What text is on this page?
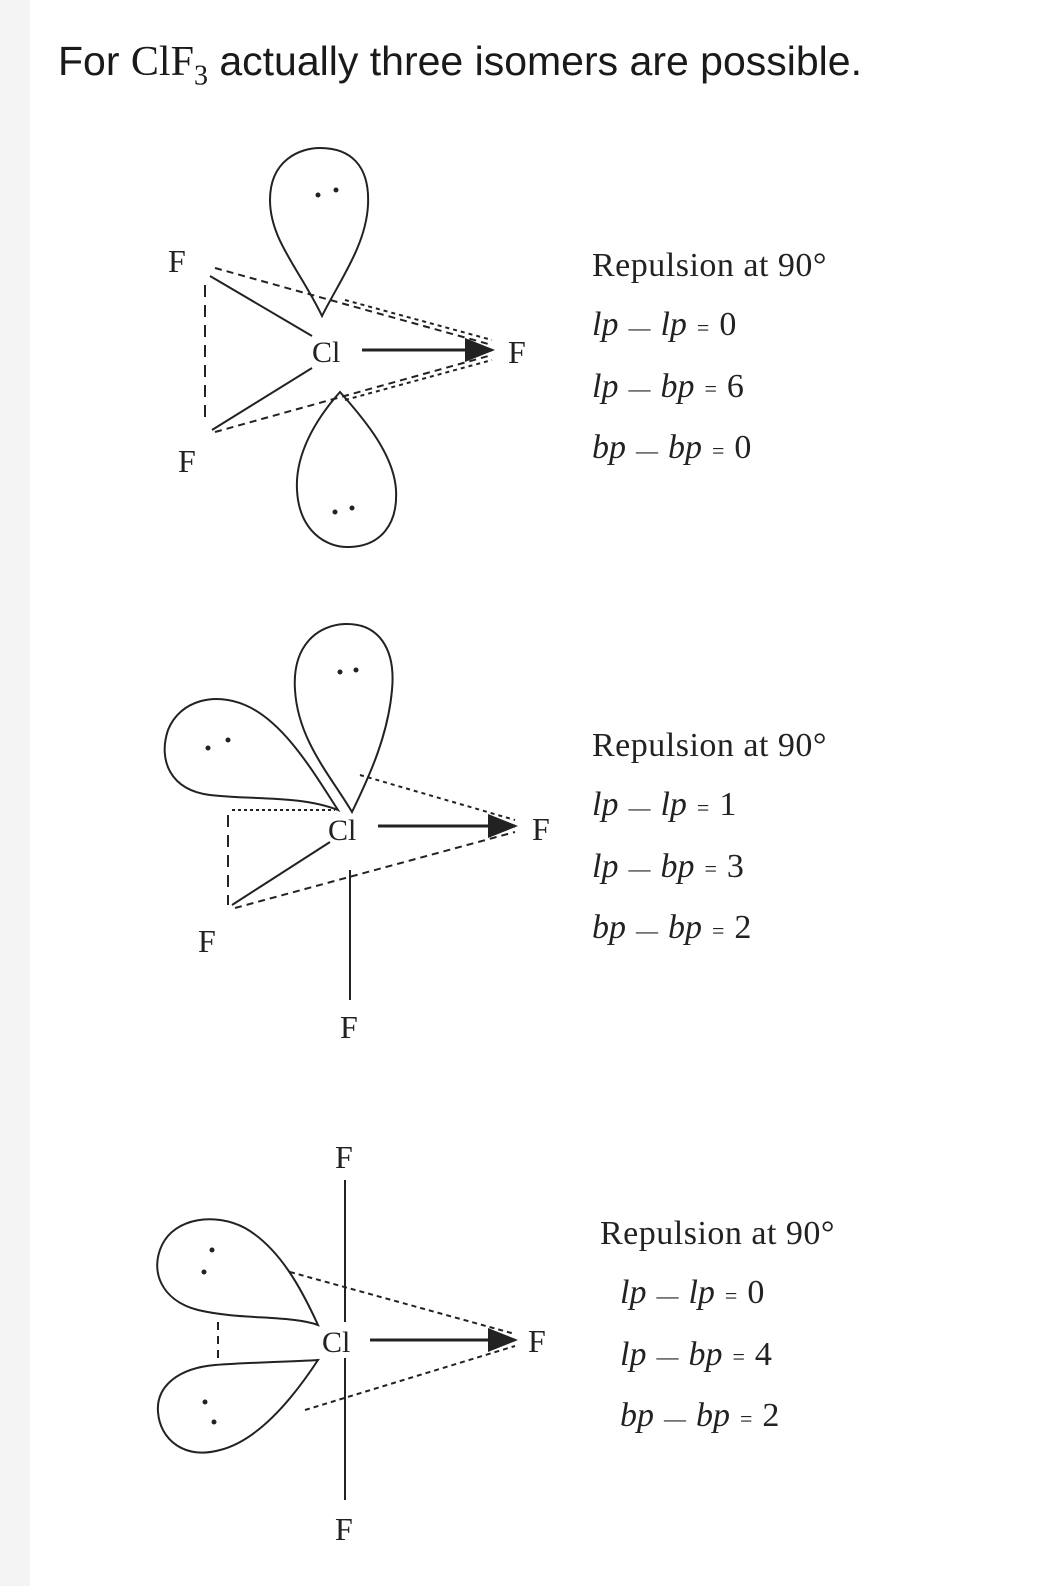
For ClF$_3$ actually three isomers are possible.
Cl	F
F
F
Cl	F
F
F
Cl	F
F
F
Repulsion at 90°
lp — lp = 0
lp — bp = 6
bp — bp = 0
Repulsion at 90°
lp — lp = 1
lp — bp = 3
bp — bp = 2
Repulsion at 90°
lp — lp = 0
lp — bp = 4
bp — bp = 2
